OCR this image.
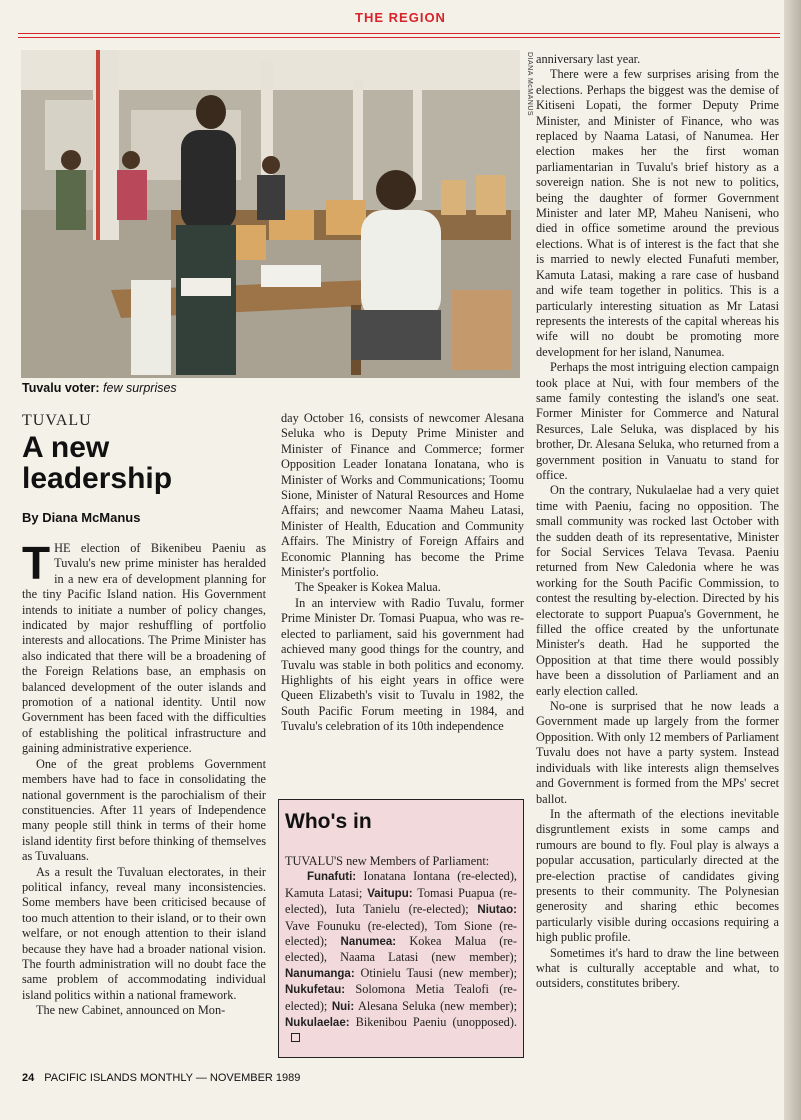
THE REGION
DIANA McMANUS
Tuvalu voter: few surprises
TUVALU
A new leadership
By Diana McManus

THE election of Bikenibeu Paeniu as Tuvalu's new prime minister has heralded in a new era of development planning for the tiny Pacific Island nation. His Government intends to initiate a number of policy changes, indicated by major reshuffling of portfolio interests and allocations. The Prime Minister has also indicated that there will be a broadening of the Foreign Relations base, an emphasis on balanced development of the outer islands and promotion of a national identity. Until now Government has been faced with the difficulties of establishing the political infrastructure and gaining administrative experience.

One of the great problems Government members have had to face in consolidating the national government is the parochialism of their constituencies. After 11 years of Independence many people still think in terms of their home island identity first before thinking of themselves as Tuvaluans.

As a result the Tuvaluan electorates, in their political infancy, reveal many inconsistencies. Some members have been criticised because of too much attention to their island, or to their own welfare, or not enough attention to their island because they have had a broader national vision. The fourth administration will no doubt face the same problem of accommodating individual island politics within a national framework.

The new Cabinet, announced on Mon-

day October 16, consists of newcomer Alesana Seluka who is Deputy Prime Minister and Minister of Finance and Commerce; former Opposition Leader Ionatana Ionatana, who is Minister of Works and Communications; Toomu Sione, Minister of Natural Resources and Home Affairs; and newcomer Naama Maheu Latasi, Minister of Health, Education and Community Affairs. The Ministry of Foreign Affairs and Economic Planning has become the Prime Minister's portfolio.

The Speaker is Kokea Malua.

In an interview with Radio Tuvalu, former Prime Minister Dr. Tomasi Puapua, who was re-elected to parliament, said his government had achieved many good things for the country, and Tuvalu was stable in both politics and economy. Highlights of his eight years in office were Queen Elizabeth's visit to Tuvalu in 1982, the South Pacific Forum meeting in 1984, and Tuvalu's celebration of its 10th independence

Who's in

TUVALU'S new Members of Parliament:

Funafuti: Ionatana Iontana (re-elected), Kamuta Latasi; Vaitupu: Tomasi Puapua (re-elected), Iuta Tanielu (re-elected); Niutao: Vave Founuku (re-elected), Tom Sione (re-elected); Nanumea: Kokea Malua (re-elected), Naama Latasi (new member); Nanumanga: Otinielu Tausi (new member); Nukufetau: Solomona Metia Tealofi (re-elected); Nui: Alesana Seluka (new member); Nukulaelae: Bikenibou Paeniu (unopposed).

anniversary last year.

There were a few surprises arising from the elections. Perhaps the biggest was the demise of Kitiseni Lopati, the former Deputy Prime Minister, and Minister of Finance, who was replaced by Naama Latasi, of Nanumea. Her election makes her the first woman parliamentarian in Tuvalu's brief history as a sovereign nation. She is not new to politics, being the daughter of former Government Minister and later MP, Maheu Naniseni, who died in office sometime around the previous elections. What is of interest is the fact that she is married to newly elected Funafuti member, Kamuta Latasi, making a rare case of husband and wife team together in politics. This is a particularly interesting situation as Mr Latasi represents the interests of the capital whereas his wife will no doubt be promoting more development for her island, Nanumea.

Perhaps the most intriguing election campaign took place at Nui, with four members of the same family contesting the island's one seat. Former Minister for Commerce and Natural Resurces, Lale Seluka, was displaced by his brother, Dr. Alesana Seluka, who returned from a government position in Vanuatu to stand for office.

On the contrary, Nukulaelae had a very quiet time with Paeniu, facing no opposition. The small community was rocked last October with the sudden death of its representative, Minister for Social Services Telava Tevasa. Paeniu returned from New Caledonia where he was working for the South Pacific Commission, to contest the resulting by-election. Directed by his electorate to support Puapua's Government, he filled the office created by the unfortunate Minister's death. Had he supported the Opposition at that time there would possibly have been a dissolution of Parliament and an early election called.

No-one is surprised that he now leads a Government made up largely from the former Opposition. With only 12 members of Parliament Tuvalu does not have a party system. Instead individuals with like interests align themselves and Government is formed from the MPs' secret ballot.

In the aftermath of the elections inevitable disgruntlement exists in some camps and rumours are bound to fly. Foul play is always a popular accusation, particularly directed at the pre-election practise of candidates giving presents to their community. The Polynesian generosity and sharing ethic becomes particularly visible during occasions requiring a high public profile.

Sometimes it's hard to draw the line between what is culturally acceptable and what, to outsiders, constitutes bribery.

24 PACIFIC ISLANDS MONTHLY — NOVEMBER 1989
